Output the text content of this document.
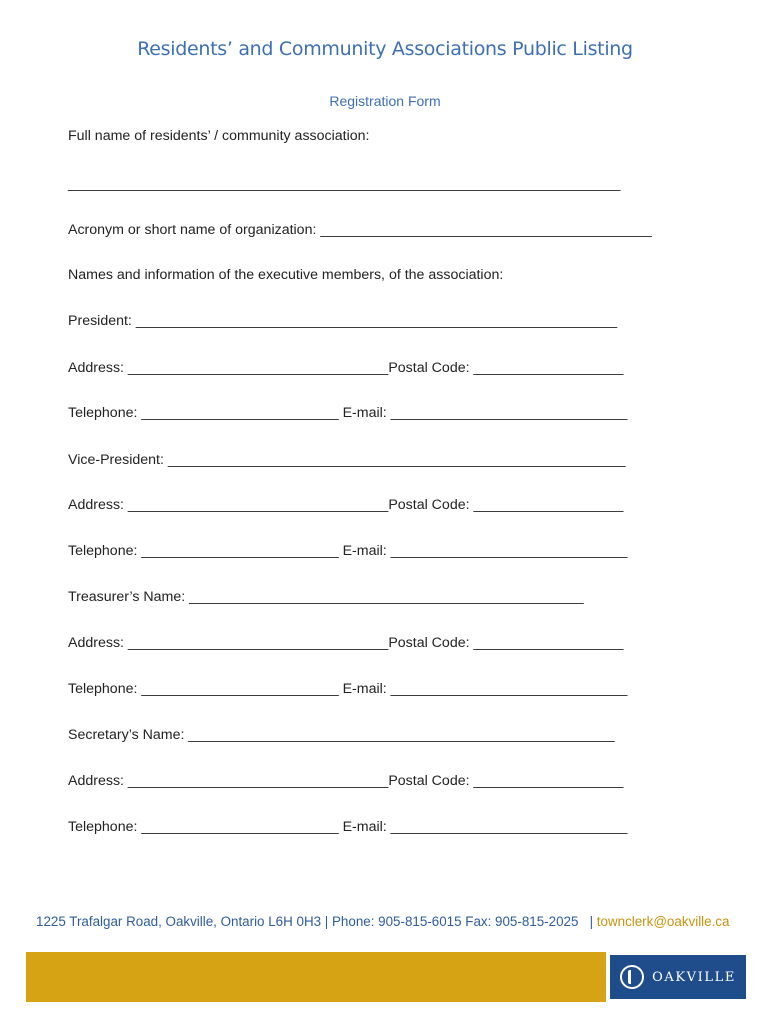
Residents’ and Community Associations Public Listing
Registration Form
Full name of residents’ / community association:
______________________________________________________________________
Acronym or short name of organization: __________________________________________
Names and information of the executive members, of the association:
President: _____________________________________________________________
Address: _________________________________Postal Code: ___________________
Telephone: _________________________ E-mail: ______________________________
Vice-President: __________________________________________________________
Address: _________________________________Postal Code: ___________________
Telephone: _________________________ E-mail: ______________________________
Treasurer’s Name: __________________________________________________
Address: _________________________________Postal Code: ___________________
Telephone: _________________________ E-mail: ______________________________
Secretary’s Name: ______________________________________________________
Address: _________________________________Postal Code: ___________________
Telephone: _________________________ E-mail: ______________________________
1225 Trafalgar Road, Oakville, Ontario L6H 0H3 | Phone: 905-815-6015 Fax: 905-815-2025   | townclerk@oakville.ca
OAKVILLE
